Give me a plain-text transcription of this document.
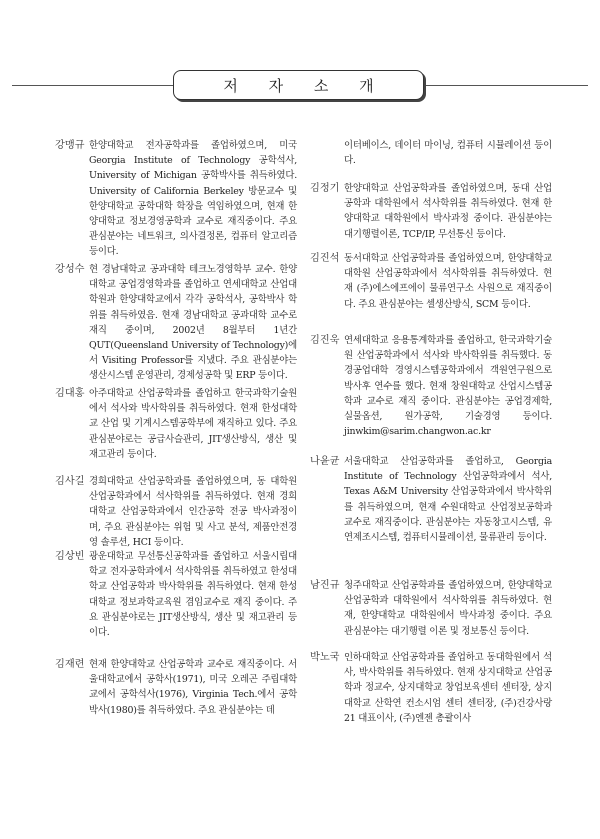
저 자 소 개
강맹규 한양대학교 전자공학과를 졸업하였으며, 미국 Georgia Institute of Technology 공학석사, University of Michigan 공학박사를 취득하였다. University of California Berkeley 방문교수 및 한양대학교 공학대학 학장을 역임하였으며, 현재 한양대학교 정보경영공학과 교수로 재직중이다. 주요 관심분야는 네트워크, 의사결정론, 컴퓨터 알고리즘 등이다.
강성수 현 경남대학교 공과대학 테크노경영학부 교수. 한양대학교 공업경영학과를 졸업하고 연세대학교 산업대학원과 한양대학교에서 각각 공학석사, 공학박사 학위를 취득하였음. 현재 경남대학교 공과대학 교수로 재직 중이며, 2002년 8월부터 1년간 QUT(Queensland University of Technology)에서 Visiting Professor를 지냈다. 주요 관심분야는 생산시스템 운영관리, 경제성공학 및 ERP 등이다.
김대홍 아주대학교 산업공학과를 졸업하고 한국과학기술원에서 석사와 박사학위를 취득하였다. 현재 한성대학교 산업 및 기계시스템공학부에 재직하고 있다. 주요 관심분야로는 공급사슬관리, JIT생산방식, 생산 및 재고관리 등이다.
김사길 경희대학교 산업공학과를 졸업하였으며, 동 대학원 산업공학과에서 석사학위를 취득하였다. 현재 경희대학교 산업공학과에서 인간공학 전공 박사과정이며, 주요 관심분야는 위험 및 사고 분석, 제품안전경영 솔루션, HCI 등이다.
김상빈 광운대학교 무선통신공학과를 졸업하고 서울시립대학교 전자공학과에서 석사학위를 취득하였고 한성대학교 산업공학과 박사학위를 취득하였다. 현재 한성대학교 정보과학교육원 겸임교수로 재직 중이다. 주요 관심분야로는 JIT생산방식, 생산 및 재고관리 등이다.
김재련 현재 한양대학교 산업공학과 교수로 재직중이다. 서울대학교에서 공학사(1971), 미국 오레곤 주립대학교에서 공학석사(1976), Virginia Tech.에서 공학박사(1980)를 취득하였다. 주요 관심분야는 데
이터베이스, 데이터 마이닝, 컴퓨터 시뮬레이션 등이다.
김정기 한양대학교 산업공학과를 졸업하였으며, 동대 산업공학과 대학원에서 석사학위를 취득하였다. 현재 한양대학교 대학원에서 박사과정 중이다. 관심분야는 대기행렬이론, TCP/IP, 무선통신 등이다.
김진석 동서대학교 산업공학과를 졸업하였으며, 한양대학교 대학원 산업공학과에서 석사학위를 취득하였다. 현재 (주)에스에프에이 물류연구소 사원으로 재직중이다. 주요 관심분야는 셀생산방식, SCM 등이다.
김진욱 연세대학교 응용통계학과를 졸업하고, 한국과학기술원 산업공학과에서 석사와 박사학위를 취득했다. 동경공업대학 경영시스템공학과에서 객원연구원으로 박사후 연수를 했다. 현재 창원대학교 산업시스템공학과 교수로 재직 중이다. 관심분야는 공업경제학, 실물옵션, 원가공학, 기술경영 등이다. jinwkim@sarim.changwon.ac.kr
나윤균 서울대학교 산업공학과를 졸업하고, Georgia Institute of Technology 산업공학과에서 석사, Texas A&M University 산업공학과에서 박사학위를 취득하였으며, 현재 수원대학교 산업정보공학과 교수로 재직중이다. 관심분야는 자동창고시스템, 유연제조시스템, 컴퓨터시뮬레이션, 물류관리 등이다.
남진규 청주대학교 산업공학과를 졸업하였으며, 한양대학교 산업공학과 대학원에서 석사학위를 취득하였다. 현재, 한양대학교 대학원에서 박사과정 중이다. 주요 관심분야는 대기행렬 이론 및 정보통신 등이다.
박노국 인하대학교 산업공학과를 졸업하고 동대학원에서 석사, 박사학위를 취득하였다. 현재 상지대학교 산업공학과 정교수, 상지대학교 창업보육센터 센터장, 상지대학교 산학연 컨소시엄 센터 센터장, (주)건강사랑21 대표이사, (주)엔젠 총괄이사
